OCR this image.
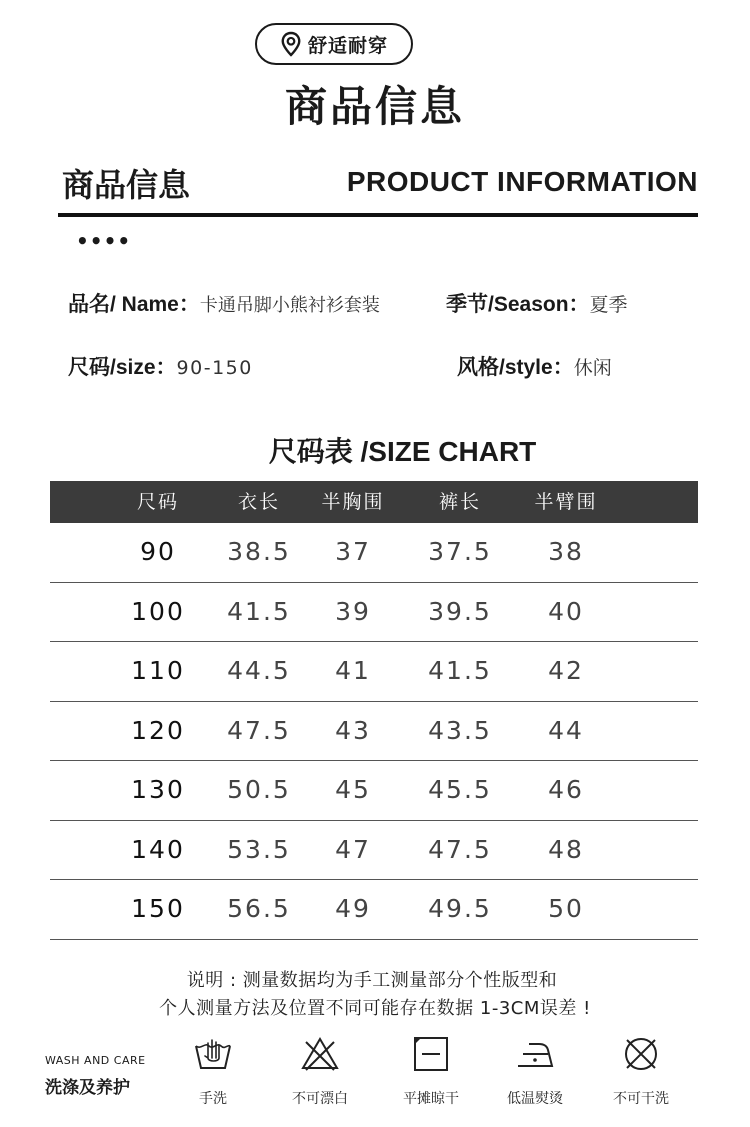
舒适耐穿
商品信息
商品信息	PRODUCT INFORMATION
••••
品名/ Name：卡通吊脚小熊衬衫套装	季节/Season：夏季
尺码/size：90-150	风格/style：休闲
尺码表 /SIZE CHART
尺码	衣长	半胸围	裤长	半臂围
90	38.5	37	37.5	38
100	41.5	39	39.5	40
110	44.5	41	41.5	42
120	47.5	43	43.5	44
130	50.5	45	45.5	46
140	53.5	47	47.5	48
150	56.5	49	49.5	50
说明 : 测量数据均为手工测量部分个性版型和
个人测量方法及位置不同可能存在数据 1-3CM误差 !
WASH AND CARE
洗涤及养护
手洗	不可漂白	平摊晾干	低温熨烫	不可干洗
